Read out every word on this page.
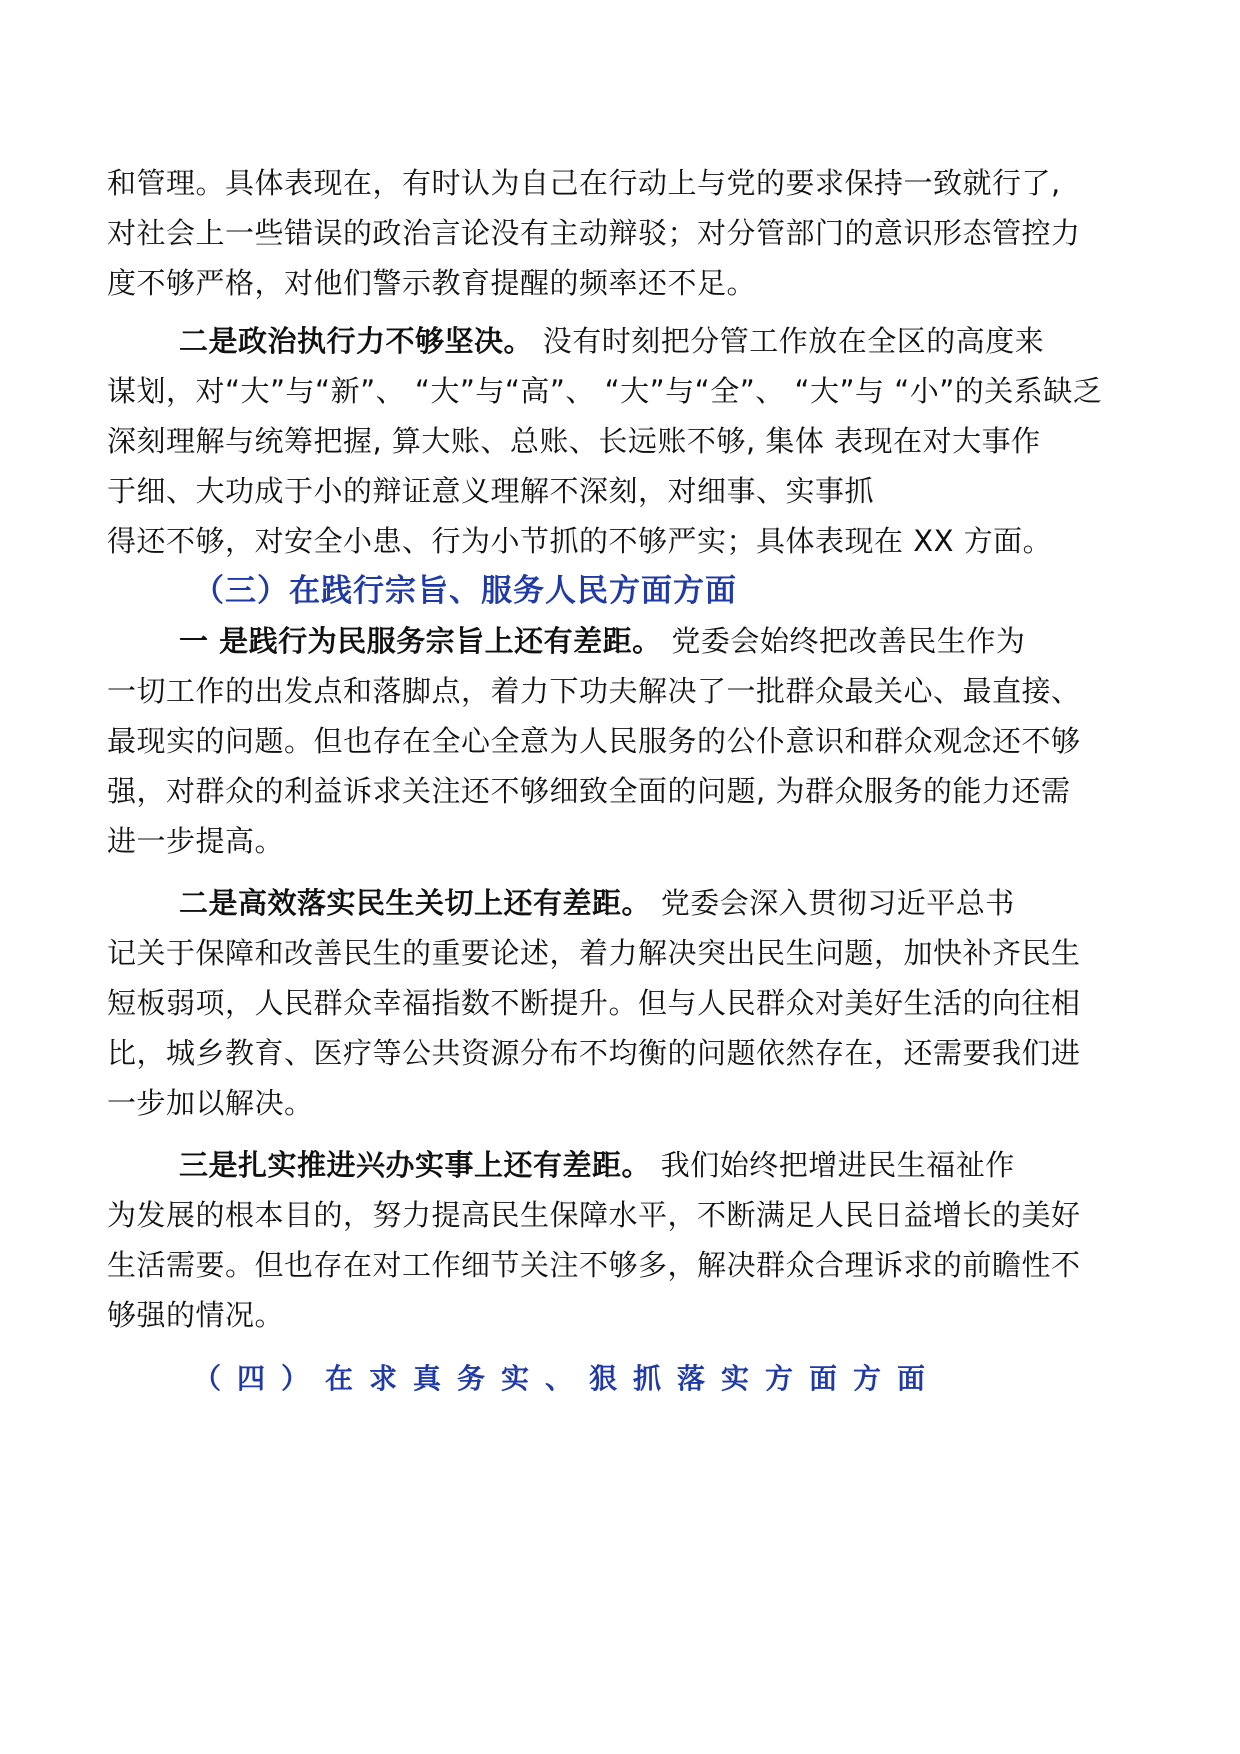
和管理。具体表现在，有时认为自己在行动上与党的要求保持一致就行了,
对社会上一些错误的政治言论没有主动辩驳；对分管部门的意识形态管控力
度不够严格，对他们警示教育提醒的频率还不足。

二是政治执行力不够坚决。 没有时刻把分管工作放在全区的高度来
谋划，对“大”与“新”、 “大”与“高”、 “大”与“全”、 “大”与 “小”的关系缺乏
深刻理解与统筹把握, 算大账、总账、长远账不够, 集体 表现在对大事作
于细、大功成于小的辩证意义理解不深刻，对细事、实事抓
得还不够，对安全小患、行为小节抓的不够严实；具体表现在 XX 方面。

（三）在践行宗旨、服务人民方面方面

一 是践行为民服务宗旨上还有差距。 党委会始终把改善民生作为
一切工作的出发点和落脚点，着力下功夫解决了一批群众最关心、最直接、
最现实的问题。但也存在全心全意为人民服务的公仆意识和群众观念还不够
强，对群众的利益诉求关注还不够细致全面的问题, 为群众服务的能力还需
进一步提高。

二是高效落实民生关切上还有差距。 党委会深入贯彻习近平总书
记关于保障和改善民生的重要论述，着力解决突出民生问题，加快补齐民生
短板弱项，人民群众幸福指数不断提升。但与人民群众对美好生活的向往相
比，城乡教育、医疗等公共资源分布不均衡的问题依然存在，还需要我们进
一步加以解决。

三是扎实推进兴办实事上还有差距。 我们始终把增进民生福祉作
为发展的根本目的，努力提高民生保障水平，不断满足人民日益增长的美好
生活需要。但也存在对工作细节关注不够多，解决群众合理诉求的前瞻性不
够强的情况。

（四）在求真务实、狠抓落实方面方面
